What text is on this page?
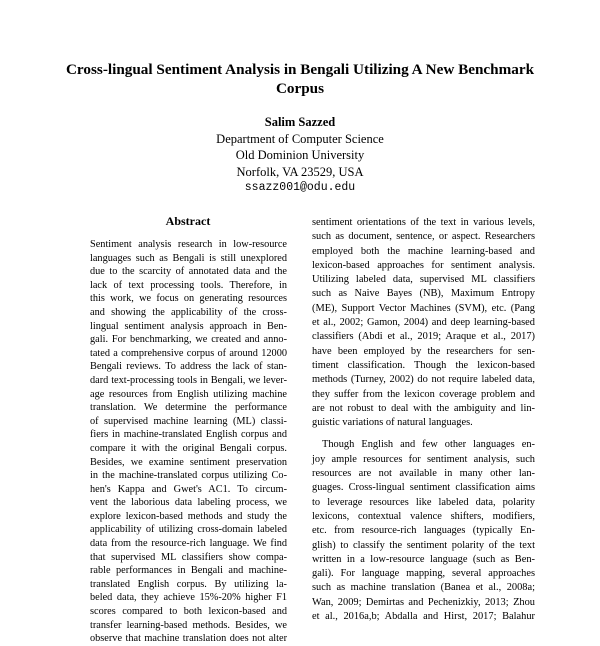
Cross-lingual Sentiment Analysis in Bengali Utilizing A New Benchmark
Corpus
Salim Sazzed
Department of Computer Science
Old Dominion University
Norfolk, VA 23529, USA
ssazz001@odu.edu
Abstract
Sentiment analysis research in low-resource
languages such as Bengali is still unexplored
due to the scarcity of annotated data and the
lack of text processing tools. Therefore, in
this work, we focus on generating resources
and showing the applicability of the cross-
lingual sentiment analysis approach in Ben-
gali. For benchmarking, we created and anno-
tated a comprehensive corpus of around 12000
Bengali reviews. To address the lack of stan-
dard text-processing tools in Bengali, we lever-
age resources from English utilizing machine
translation. We determine the performance
of supervised machine learning (ML) classi-
fiers in machine-translated English corpus and
compare it with the original Bengali corpus.
Besides, we examine sentiment preservation
in the machine-translated corpus utilizing Co-
hen's Kappa and Gwet's AC1. To circum-
vent the laborious data labeling process, we
explore lexicon-based methods and study the
applicability of utilizing cross-domain labeled
data from the resource-rich language. We find
that supervised ML classifiers show compa-
rable performances in Bengali and machine-
translated English corpus. By utilizing la-
beled data, they achieve 15%-20% higher F1
scores compared to both lexicon-based and
transfer learning-based methods. Besides, we
observe that machine translation does not alter
sentiment orientations of the text in various levels,
such as document, sentence, or aspect. Researchers
employed both the machine learning-based and
lexicon-based approaches for sentiment analysis.
Utilizing labeled data, supervised ML classifiers
such as Naive Bayes (NB), Maximum Entropy
(ME), Support Vector Machines (SVM), etc. (Pang
et al., 2002; Gamon, 2004) and deep learning-based
classifiers (Abdi et al., 2019; Araque et al., 2017)
have been employed by the researchers for sen-
timent classification. Though the lexicon-based
methods (Turney, 2002) do not require labeled data,
they suffer from the lexicon coverage problem and
are not robust to deal with the ambiguity and lin-
guistic variations of natural languages.
Though English and few other languages en-
joy ample resources for sentiment analysis, such
resources are not available in many other lan-
guages. Cross-lingual sentiment classification aims
to leverage resources like labeled data, polarity
lexicons, contextual valence shifters, modifiers,
etc. from resource-rich languages (typically En-
glish) to classify the sentiment polarity of the text
written in a low-resource language (such as Ben-
gali). For language mapping, several approaches
such as machine translation (Banea et al., 2008a;
Wan, 2009; Demirtas and Pechenizkiy, 2013; Zhou
et al., 2016a,b; Abdalla and Hirst, 2017; Balahur
